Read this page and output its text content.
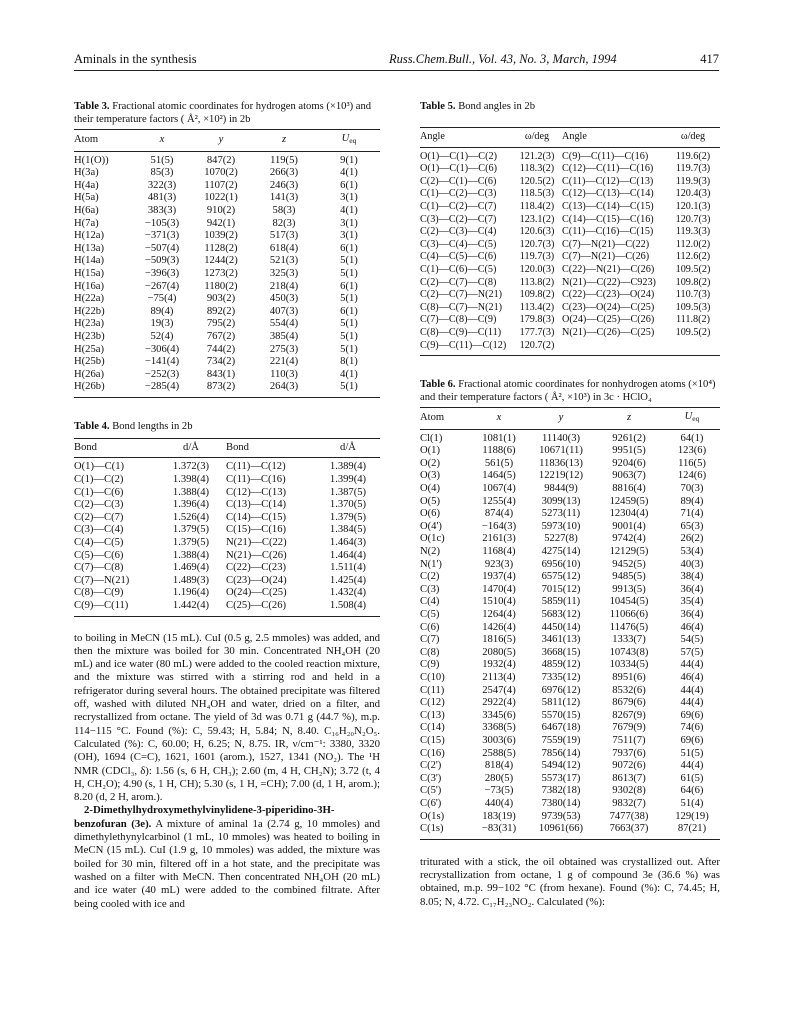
Aminals in the synthesis	Russ.Chem.Bull., Vol. 43, No. 3, March, 1994	417
Table 3. Fractional atomic coordinates for hydrogen atoms (×10³) and their temperature factors ( Å², ×10²) in 2b
Atom	x	y	z	$U_{eq}$
H(1(O))	51(5)	847(2)	119(5)	9(1)
H(3a)	85(3)	1070(2)	266(3)	4(1)
H(4a)	322(3)	1107(2)	246(3)	6(1)
H(5a)	481(3)	1022(1)	141(3)	3(1)
H(6a)	383(3)	910(2)	58(3)	4(1)
H(7a)	−105(3)	942(1)	82(3)	3(1)
H(12a)	−371(3)	1039(2)	517(3)	3(1)
H(13a)	−507(4)	1128(2)	618(4)	6(1)
H(14a)	−509(3)	1244(2)	521(3)	5(1)
H(15a)	−396(3)	1273(2)	325(3)	5(1)
H(16a)	−267(4)	1180(2)	218(4)	6(1)
H(22a)	−75(4)	903(2)	450(3)	5(1)
H(22b)	89(4)	892(2)	407(3)	6(1)
H(23a)	19(3)	795(2)	554(4)	5(1)
H(23b)	52(4)	767(2)	385(4)	5(1)
H(25a)	−306(4)	744(2)	275(3)	5(1)
H(25b)	−141(4)	734(2)	221(4)	8(1)
H(26a)	−252(3)	843(1)	110(3)	4(1)
H(26b)	−285(4)	873(2)	264(3)	5(1)
Table 4. Bond lengths in 2b
Bond	d/Å	Bond	d/Å
O(1)—C(1)	1.372(3)	C(11)—C(12)	1.389(4)
C(1)—C(2)	1.398(4)	C(11)—C(16)	1.399(4)
C(1)—C(6)	1.388(4)	C(12)—C(13)	1.387(5)
C(2)—C(3)	1.396(4)	C(13)—C(14)	1.370(5)
C(2)—C(7)	1.526(4)	C(14)—C(15)	1.379(5)
C(3)—C(4)	1.379(5)	C(15)—C(16)	1.384(5)
C(4)—C(5)	1.379(5)	N(21)—C(22)	1.464(3)
C(5)—C(6)	1.388(4)	N(21)—C(26)	1.464(4)
C(7)—C(8)	1.469(4)	C(22)—C(23)	1.511(4)
C(7)—N(21)	1.489(3)	C(23)—O(24)	1.425(4)
C(8)—C(9)	1.196(4)	O(24)—C(25)	1.432(4)
C(9)—C(11)	1.442(4)	C(25)—C(26)	1.508(4)

to boiling in MeCN (15 mL). CuI (0.5 g, 2.5 mmoles) was added, and then the mixture was boiled for 30 min. Concentrated NH₄OH (20 mL) and ice water (80 mL) were added to the cooled reaction mixture, and the mixture was stirred with a stirring rod and held in a refrigerator during several hours. The obtained precipitate was filtered off, washed with diluted NH₄OH and water, dried on a filter, and recrystallized from octane. The yield of 3d was 0.71 g (44.7 %), m.p. 114−115 °C. Found (%): C, 59.43; H, 5.84; N, 8.40. C₁₆H₂₀N₂O₅. Calculated (%): C, 60.00; H, 6.25; N, 8.75. IR, ν/cm⁻¹: 3380, 3320 (OH), 1694 (C=C), 1621, 1601 (arom.), 1527, 1341 (NO₂). The ¹H NMR (CDCl₃, δ): 1.56 (s, 6 H, CH₃); 2.60 (m, 4 H, CH₂N); 3.72 (t, 4 H, CH₂O); 4.90 (s, 1 H, CH); 5.30 (s, 1 H, =CH); 7.00 (d, 1 H, arom.); 8.20 (d, 2 H, arom.).

2-Dimethylhydroxymethylvinylidene-3-piperidino-3H-benzofuran (3e). A mixture of aminal 1a (2.74 g, 10 mmoles) and dimethylethynylcarbinol (1 mL, 10 mmoles) was heated to boiling in MeCN (15 mL). CuI (1.9 g, 10 mmoles) was added, the mixture was boiled for 30 min, filtered off in a hot state, and the precipitate was washed on a filter with MeCN. Then concentrated NH₄OH (20 mL) and ice water (40 mL) were added to the combined filtrate. After being cooled with ice and

Table 5. Bond angles in 2b
Angle	ω/deg	Angle	ω/deg
O(1)—C(1)—C(2)	121.2(3)	C(9)—C(11)—C(16)	119.6(2)
O(1)—C(1)—C(6)	118.3(2)	C(12)—C(11)—C(16)	119.7(3)
C(2)—C(1)—C(6)	120.5(2)	C(11)—C(12)—C(13)	119.9(3)
C(1)—C(2)—C(3)	118.5(3)	C(12)—C(13)—C(14)	120.4(3)
C(1)—C(2)—C(7)	118.4(2)	C(13)—C(14)—C(15)	120.1(3)
C(3)—C(2)—C(7)	123.1(2)	C(14)—C(15)—C(16)	120.7(3)
C(2)—C(3)—C(4)	120.6(3)	C(11)—C(16)—C(15)	119.3(3)
C(3)—C(4)—C(5)	120.7(3)	C(7)—N(21)—C(22)	112.0(2)
C(4)—C(5)—C(6)	119.7(3)	C(7)—N(21)—C(26)	112.6(2)
C(1)—C(6)—C(5)	120.0(3)	C(22)—N(21)—C(26)	109.5(2)
C(2)—C(7)—C(8)	113.8(2)	N(21)—C(22)—C923)	109.8(2)
C(2)—C(7)—N(21)	109.8(2)	C(22)—C(23)—O(24)	110.7(3)
C(8)—C(7)—N(21)	113.4(2)	C(23)—O(24)—C(25)	109.5(3)
C(7)—C(8)—C(9)	179.8(3)	O(24)—C(25)—C(26)	111.8(2)
C(8)—C(9)—C(11)	177.7(3)	N(21)—C(26)—C(25)	109.5(2)
C(9)—C(11)—C(12)	120.7(2)		
Table 6. Fractional atomic coordinates for nonhydrogen atoms (×10⁴) and their temperature factors ( Å², ×10³) in 3c · HClO₄
Atom	x	y	z	$U_{eq}$
Cl(1)	1081(1)	11140(3)	9261(2)	64(1)
O(1)	1188(6)	10671(11)	9951(5)	123(6)
O(2)	561(5)	11836(13)	9204(6)	116(5)
O(3)	1464(5)	12219(12)	9063(7)	124(6)
O(4)	1067(4)	9844(9)	8816(4)	70(3)
O(5)	1255(4)	3099(13)	12459(5)	89(4)
O(6)	874(4)	5273(11)	12304(4)	71(4)
O(4')	−164(3)	5973(10)	9001(4)	65(3)
O(1c)	2161(3)	5227(8)	9742(4)	26(2)
N(2)	1168(4)	4275(14)	12129(5)	53(4)
N(1')	923(3)	6956(10)	9452(5)	40(3)
C(2)	1937(4)	6575(12)	9485(5)	38(4)
C(3)	1470(4)	7015(12)	9913(5)	36(4)
C(4)	1510(4)	5859(11)	10454(5)	35(4)
C(5)	1264(4)	5683(12)	11066(6)	36(4)
C(6)	1426(4)	4450(14)	11476(5)	46(4)
C(7)	1816(5)	3461(13)	1333(7)	54(5)
C(8)	2080(5)	3668(15)	10743(8)	57(5)
C(9)	1932(4)	4859(12)	10334(5)	44(4)
C(10)	2113(4)	7335(12)	8951(6)	46(4)
C(11)	2547(4)	6976(12)	8532(6)	44(4)
C(12)	2922(4)	5811(12)	8679(6)	44(4)
C(13)	3345(6)	5570(15)	8267(9)	69(6)
C(14)	3368(5)	6467(18)	7679(9)	74(6)
C(15)	3003(6)	7559(19)	7511(7)	69(6)
C(16)	2588(5)	7856(14)	7937(6)	51(5)
C(2')	818(4)	5494(12)	9072(6)	44(4)
C(3')	280(5)	5573(17)	8613(7)	61(5)
C(5')	−73(5)	7382(18)	9302(8)	64(6)
C(6')	440(4)	7380(14)	9832(7)	51(4)
O(1s)	183(19)	9739(53)	7477(38)	129(19)
C(1s)	−83(31)	10961(66)	7663(37)	87(21)

triturated with a stick, the oil obtained was crystallized out. After recrystallization from octane, 1 g of compound 3e (36.6 %) was obtained, m.p. 99−102 °C (from hexane). Found (%): C, 74.45; H, 8.05; N, 4.72. C₁₇H₂₃NO₂. Calculated (%):
